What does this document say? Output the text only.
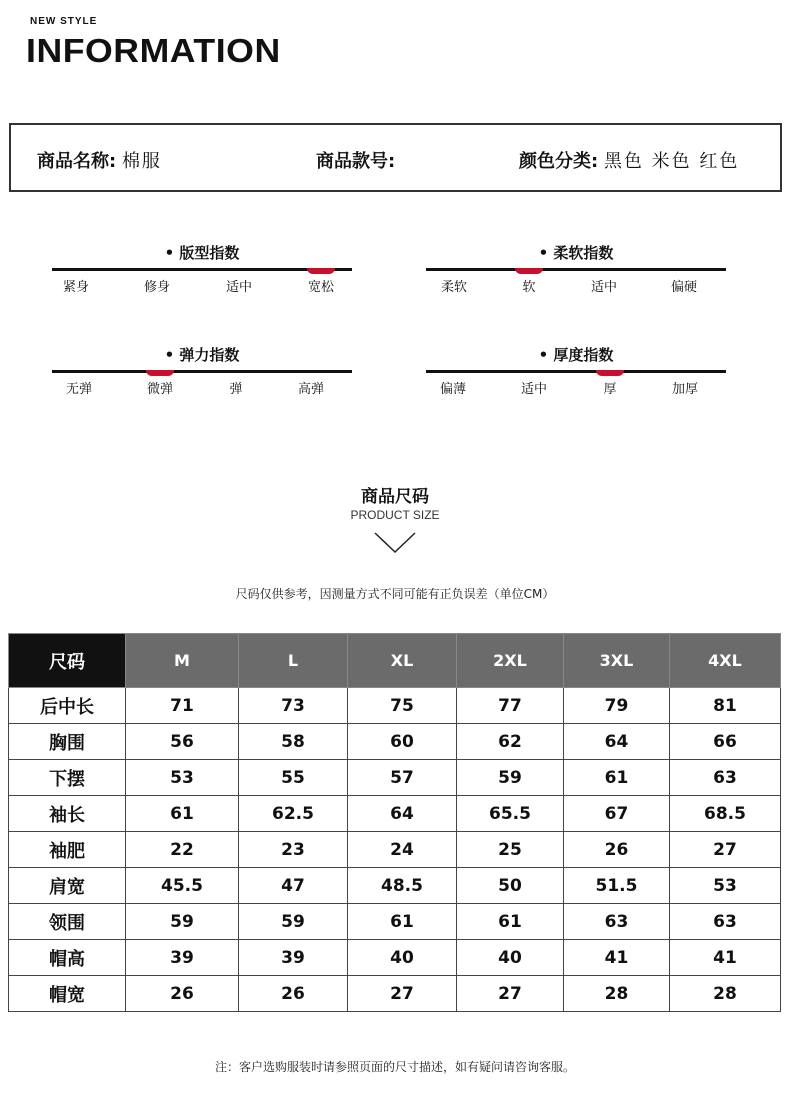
NEW STYLE
INFORMATION
商品名称: 棉服	商品款号:	颜色分类: 黑色 米色 红色
• 版型指数
紧身	修身	适中	宽松
• 柔软指数
柔软	软	适中	偏硬
• 弹力指数
无弹	微弹	弹	高弹
• 厚度指数
偏薄	适中	厚	加厚
商品尺码
PRODUCT SIZE
尺码仅供参考，因测量方式不同可能有正负误差（单位CM）
尺码	M	L	XL	2XL	3XL	4XL
后中长	71	73	75	77	79	81
胸围	56	58	60	62	64	66
下摆	53	55	57	59	61	63
袖长	61	62.5	64	65.5	67	68.5
袖肥	22	23	24	25	26	27
肩宽	45.5	47	48.5	50	51.5	53
领围	59	59	61	61	63	63
帽高	39	39	40	40	41	41
帽宽	26	26	27	27	28	28
注：客户选购服装时请参照页面的尺寸描述，如有疑问请咨询客服。
